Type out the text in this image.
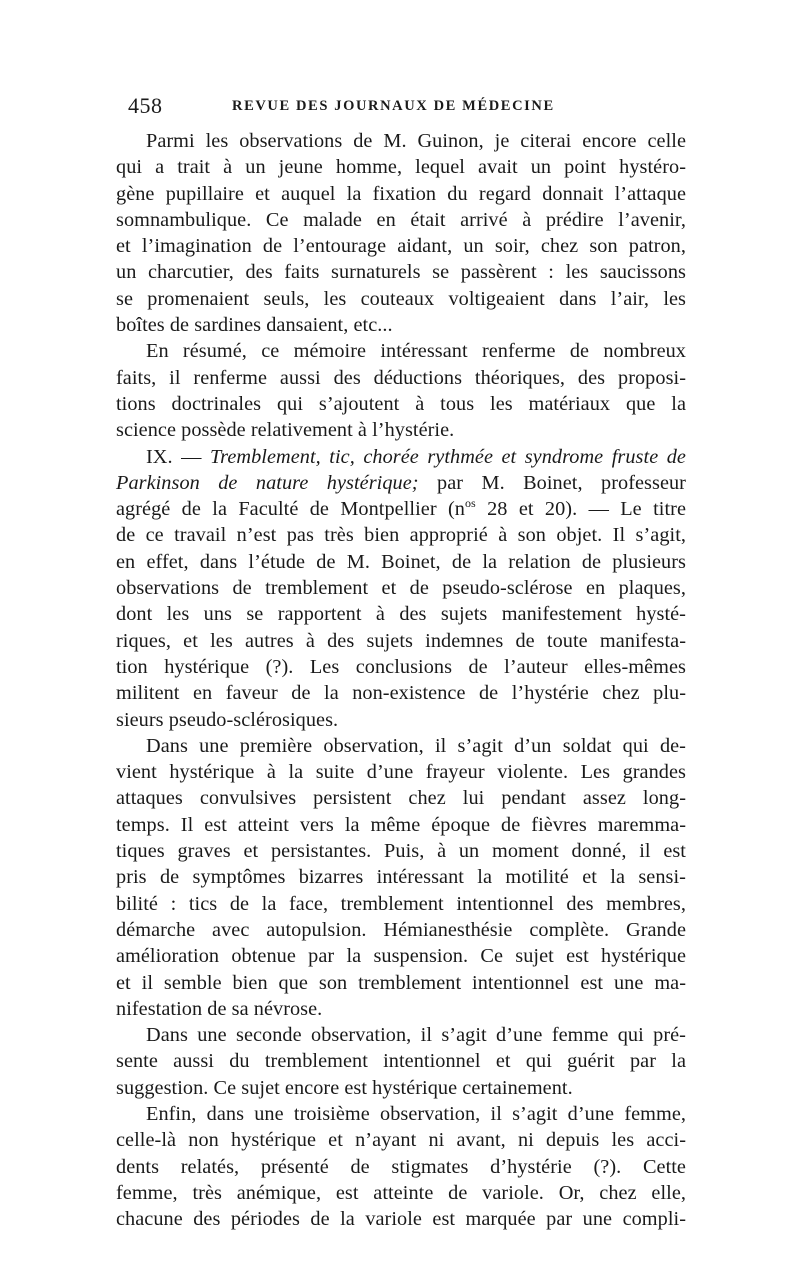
458	REVUE DES JOURNAUX DE MÉDECINE

Parmi les observations de M. Guinon, je citerai encore celle
qui a trait à un jeune homme, lequel avait un point hystéro-
gène pupillaire et auquel la fixation du regard donnait l’attaque
somnambulique. Ce malade en était arrivé à prédire l’avenir,
et l’imagination de l’entourage aidant, un soir, chez son patron,
un charcutier, des faits surnaturels se passèrent : les saucissons
se promenaient seuls, les couteaux voltigeaient dans l’air, les
boîtes de sardines dansaient, etc...

En résumé, ce mémoire intéressant renferme de nombreux
faits, il renferme aussi des déductions théoriques, des proposi-
tions doctrinales qui s’ajoutent à tous les matériaux que la
science possède relativement à l’hystérie.

IX. — Tremblement, tic, chorée rythmée et syndrome fruste de
Parkinson de nature hystérique; par M. Boinet, professeur
agrégé de la Faculté de Montpellier ($n^{os}$ 28 et 20). — Le titre
de ce travail n’est pas très bien approprié à son objet. Il s’agit,
en effet, dans l’étude de M. Boinet, de la relation de plusieurs
observations de tremblement et de pseudo-sclérose en plaques,
dont les uns se rapportent à des sujets manifestement hysté-
riques, et les autres à des sujets indemnes de toute manifesta-
tion hystérique (?). Les conclusions de l’auteur elles-mêmes
militent en faveur de la non-existence de l’hystérie chez plu-
sieurs pseudo-sclérosiques.

Dans une première observation, il s’agit d’un soldat qui de-
vient hystérique à la suite d’une frayeur violente. Les grandes
attaques convulsives persistent chez lui pendant assez long-
temps. Il est atteint vers la même époque de fièvres maremma-
tiques graves et persistantes. Puis, à un moment donné, il est
pris de symptômes bizarres intéressant la motilité et la sensi-
bilité : tics de la face, tremblement intentionnel des membres,
démarche avec autopulsion. Hémianesthésie complète. Grande
amélioration obtenue par la suspension. Ce sujet est hystérique
et il semble bien que son tremblement intentionnel est une ma-
nifestation de sa névrose.

Dans une seconde observation, il s’agit d’une femme qui pré-
sente aussi du tremblement intentionnel et qui guérit par la
suggestion. Ce sujet encore est hystérique certainement.

Enfin, dans une troisième observation, il s’agit d’une femme,
celle-là non hystérique et n’ayant ni avant, ni depuis les acci-
dents relatés, présenté de stigmates d’hystérie (?). Cette
femme, très anémique, est atteinte de variole. Or, chez elle,
chacune des périodes de la variole est marquée par une compli-
